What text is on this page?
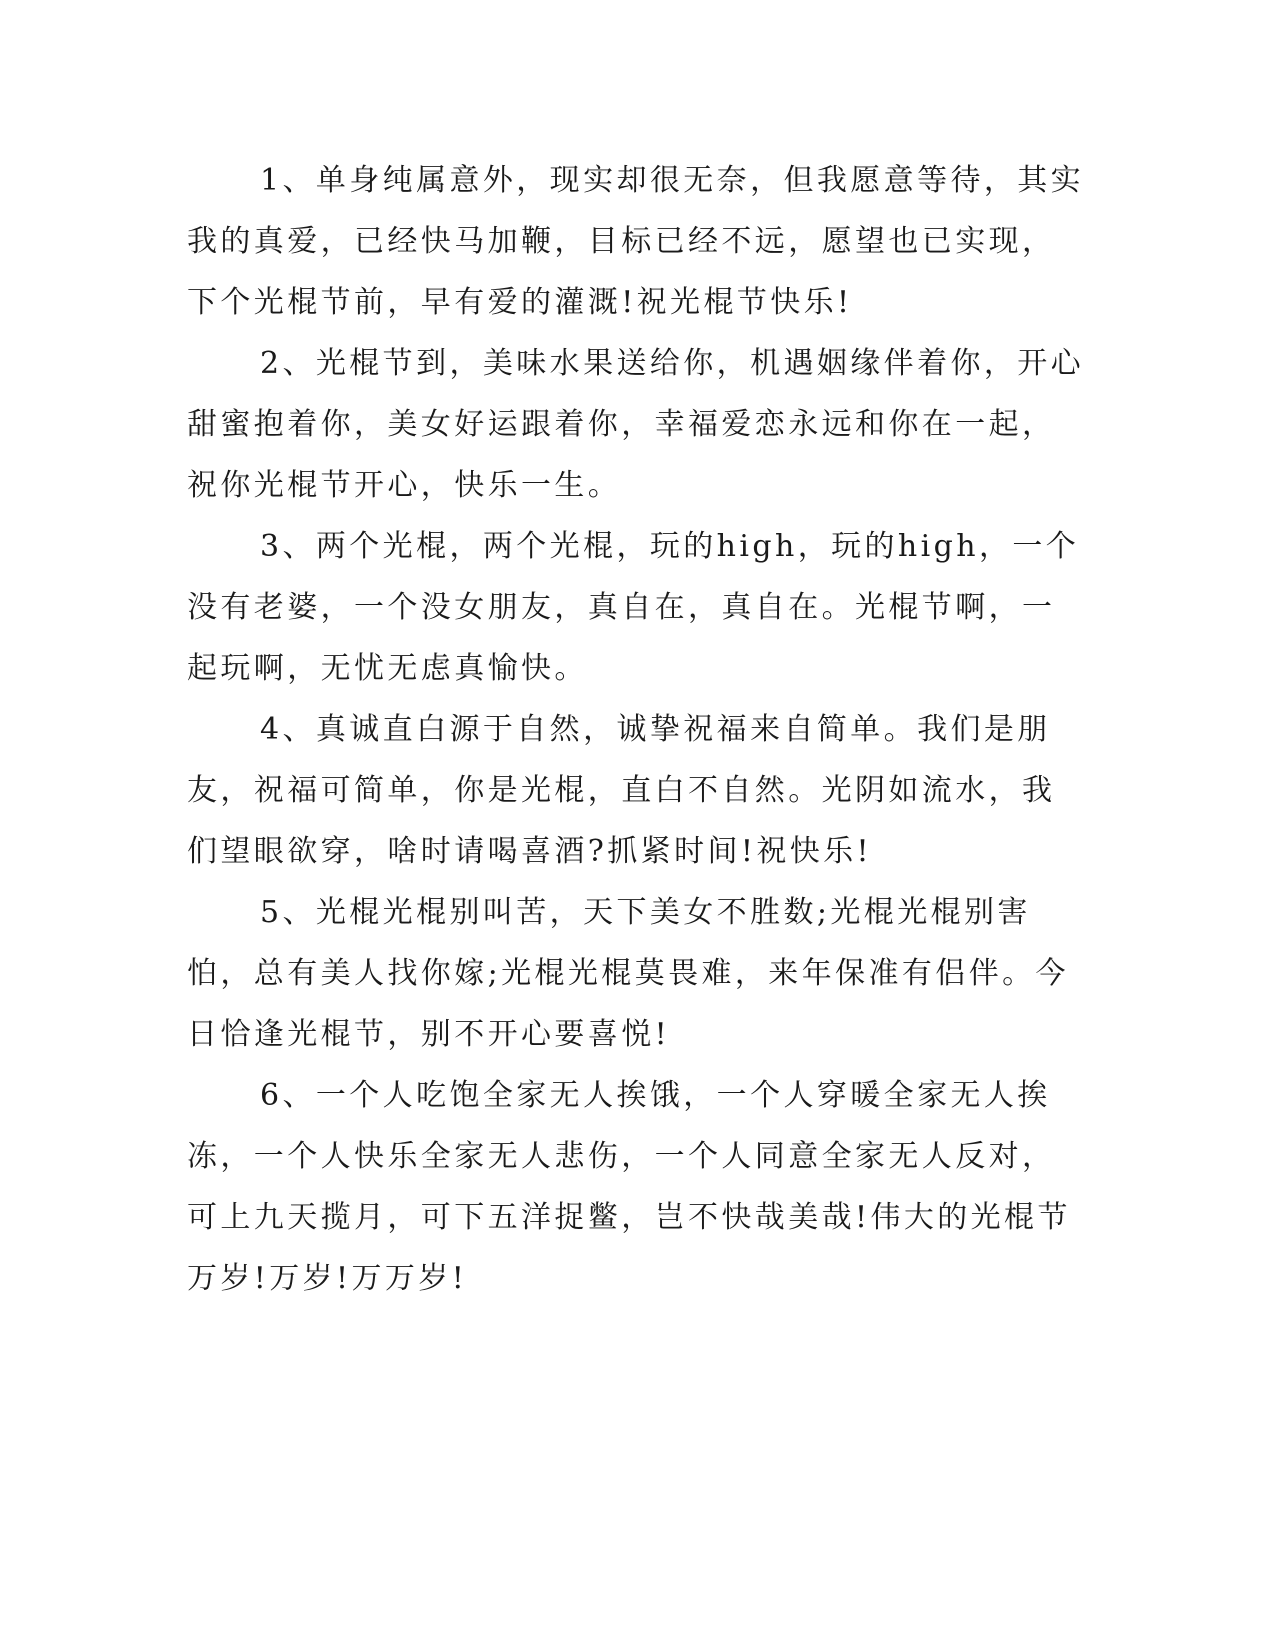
1、单身纯属意外，现实却很无奈，但我愿意等待，其实我的真爱，已经快马加鞭，目标已经不远，愿望也已实现，下个光棍节前，早有爱的灌溉!祝光棍节快乐!

2、光棍节到，美味水果送给你，机遇姻缘伴着你，开心甜蜜抱着你，美女好运跟着你，幸福爱恋永远和你在一起，祝你光棍节开心，快乐一生。

3、两个光棍，两个光棍，玩的high，玩的high，一个没有老婆，一个没女朋友，真自在，真自在。光棍节啊，一起玩啊，无忧无虑真愉快。

4、真诚直白源于自然，诚挚祝福来自简单。我们是朋友，祝福可简单，你是光棍，直白不自然。光阴如流水，我们望眼欲穿，啥时请喝喜酒?抓紧时间!祝快乐!

5、光棍光棍别叫苦，天下美女不胜数;光棍光棍别害怕，总有美人找你嫁;光棍光棍莫畏难，来年保准有侣伴。今日恰逢光棍节，别不开心要喜悦!

6、一个人吃饱全家无人挨饿，一个人穿暖全家无人挨冻，一个人快乐全家无人悲伤，一个人同意全家无人反对，可上九天揽月，可下五洋捉鳖，岂不快哉美哉!伟大的光棍节万岁!万岁!万万岁!
